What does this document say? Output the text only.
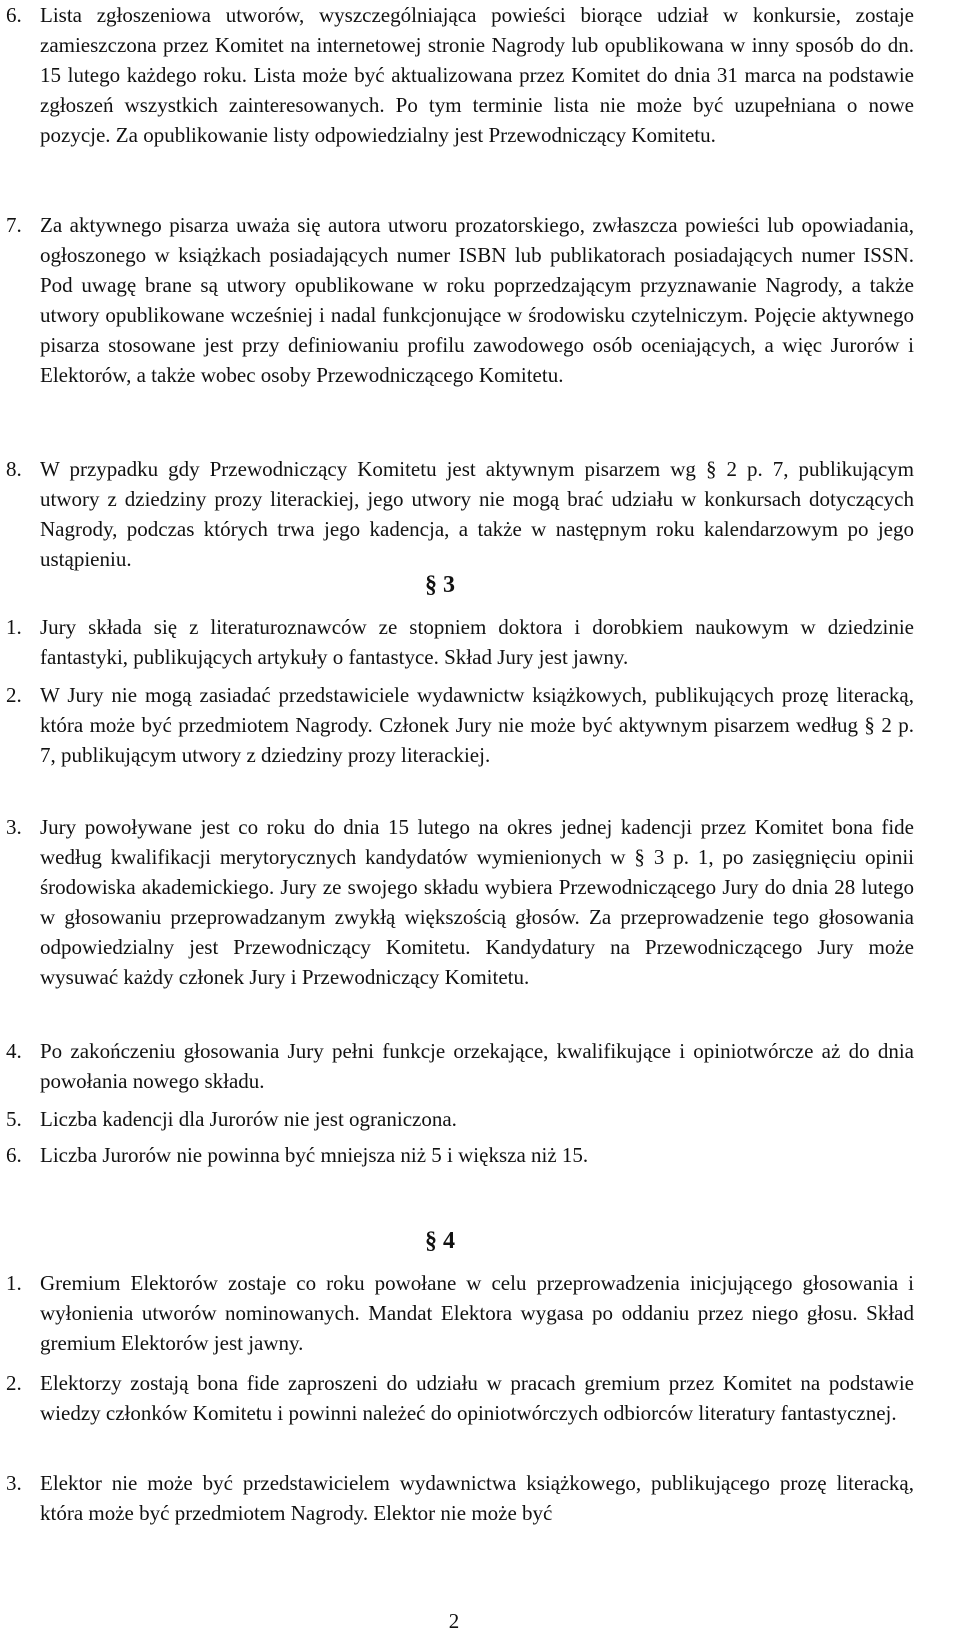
6. Lista zgłoszeniowa utworów, wyszczególniająca powieści biorące udział w konkursie, zostaje zamieszczona przez Komitet na internetowej stronie Nagrody lub opublikowana w inny sposób do dn. 15 lutego każdego roku. Lista może być aktualizowana przez Komitet do dnia 31 marca na podstawie zgłoszeń wszystkich zainteresowanych. Po tym terminie lista nie może być uzupełniana o nowe pozycje. Za opublikowanie listy odpowiedzialny jest Przewodniczący Komitetu.
7. Za aktywnego pisarza uważa się autora utworu prozatorskiego, zwłaszcza powieści lub opowiadania, ogłoszonego w książkach posiadających numer ISBN lub publikatorach posiadających numer ISSN. Pod uwagę brane są utwory opublikowane w roku poprzedzającym przyznawanie Nagrody, a także utwory opublikowane wcześniej i nadal funkcjonujące w środowisku czytelniczym. Pojęcie aktywnego pisarza stosowane jest przy definiowaniu profilu zawodowego osób oceniających, a więc Jurorów i Elektorów, a także wobec osoby Przewodniczącego Komitetu.
8. W przypadku gdy Przewodniczący Komitetu jest aktywnym pisarzem wg § 2 p. 7, publikującym utwory z dziedziny prozy literackiej, jego utwory nie mogą brać udziału w konkursach dotyczących Nagrody, podczas których trwa jego kadencja, a także w następnym roku kalendarzowym po jego ustąpieniu.
§ 3
1. Jury składa się z literaturoznawców ze stopniem doktora i dorobkiem naukowym w dziedzinie fantastyki, publikujących artykuły o fantastyce. Skład Jury jest jawny.
2. W Jury nie mogą zasiadać przedstawiciele wydawnictw książkowych, publikujących prozę literacką, która może być przedmiotem Nagrody. Członek Jury nie może być aktywnym pisarzem według § 2 p. 7, publikującym utwory z dziedziny prozy literackiej.
3. Jury powoływane jest co roku do dnia 15 lutego na okres jednej kadencji przez Komitet bona fide według kwalifikacji merytorycznych kandydatów wymienionych w § 3 p. 1, po zasięgnięciu opinii środowiska akademickiego. Jury ze swojego składu wybiera Przewodniczącego Jury do dnia 28 lutego w głosowaniu przeprowadzanym zwykłą większością głosów. Za przeprowadzenie tego głosowania odpowiedzialny jest Przewodniczący Komitetu. Kandydatury na Przewodniczącego Jury może wysuwać każdy członek Jury i Przewodniczący Komitetu.
4. Po zakończeniu głosowania Jury pełni funkcje orzekające, kwalifikujące i opiniotwórcze aż do dnia powołania nowego składu.
5. Liczba kadencji dla Jurorów nie jest ograniczona.
6. Liczba Jurorów nie powinna być mniejsza niż 5 i większa niż 15.
§ 4
1. Gremium Elektorów zostaje co roku powołane w celu przeprowadzenia inicjującego głosowania i wyłonienia utworów nominowanych. Mandat Elektora wygasa po oddaniu przez niego głosu. Skład gremium Elektorów jest jawny.
2. Elektorzy zostają bona fide zaproszeni do udziału w pracach gremium przez Komitet na podstawie wiedzy członków Komitetu i powinni należeć do opiniotwórczych odbiorców literatury fantastycznej.
3. Elektor nie może być przedstawicielem wydawnictwa książkowego, publikującego prozę literacką, która może być przedmiotem Nagrody. Elektor nie może być
2
